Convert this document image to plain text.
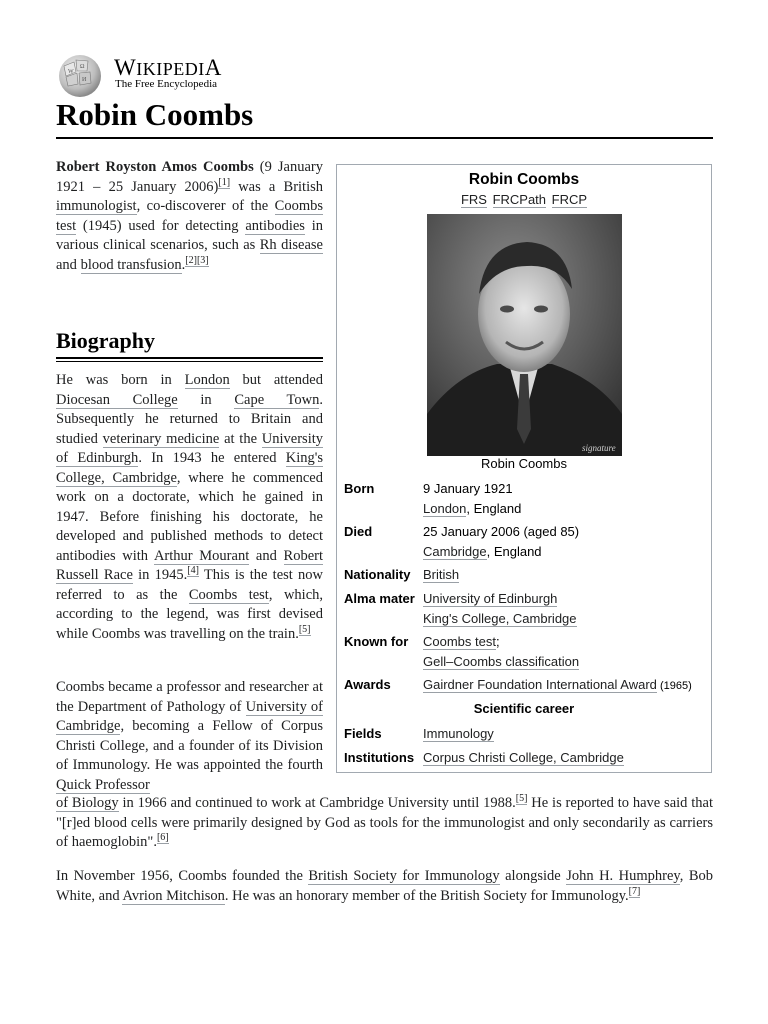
W
Ω
И WIKIPEDIA
The Free Encyclopedia
Robin Coombs

Robert Royston Amos Coombs (9 January 1921 – 25 January 2006)[1] was a British immunologist, co-discoverer of the Coombs test (1945) used for detecting antibodies in various clinical scenarios, such as Rh disease and blood transfusion.[2][3]

Biography

He was born in London but attended Diocesan College in Cape Town. Subsequently he returned to Britain and studied veterinary medicine at the University of Edinburgh. In 1943 he entered King's College, Cambridge, where he commenced work on a doctorate, which he gained in 1947. Before finishing his doctorate, he developed and published methods to detect antibodies with Arthur Mourant and Robert Russell Race in 1945.[4] This is the test now referred to as the Coombs test, which, according to the legend, was first devised while Coombs was travelling on the train.[5]

Coombs became a professor and researcher at the Department of Pathology of University of Cambridge, becoming a Fellow of Corpus Christi College, and a founder of its Division of Immunology. He was appointed the fourth Quick Professor

of Biology in 1966 and continued to work at Cambridge University until 1988.[5] He is reported to have said that "[r]ed blood cells were primarily designed by God as tools for the immunologist and only secondarily as carriers of haemoglobin".[6]

In November 1956, Coombs founded the British Society for Immunology alongside John H. Humphrey, Bob White, and Avrion Mitchison. He was an honorary member of the British Society for Immunology.[7]

Robin Coombs
FRS FRCPath FRCP
signature
Robin Coombs
Born	9 January 1921
London, England
Died	25 January 2006 (aged 85)
Cambridge, England
Nationality British
Alma mater University of Edinburgh
King's College, Cambridge
Known for Coombs test;
Gell–Coombs classification
Awards Gairdner Foundation International Award (1965)
Scientific career
Fields	Immunology
Institutions Corpus Christi College, Cambridge
